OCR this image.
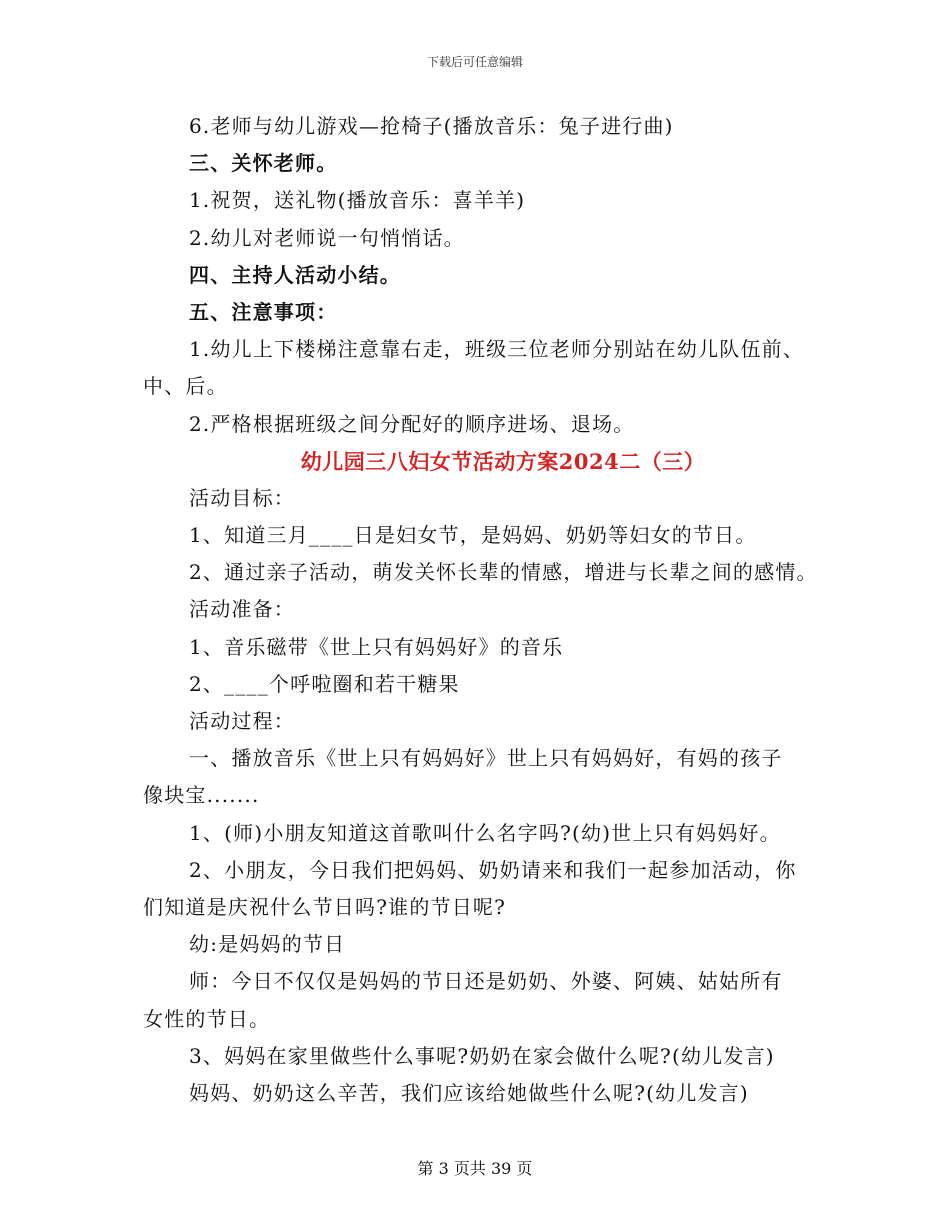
下载后可任意编辑
6.老师与幼儿游戏—抢椅子(播放音乐：兔子进行曲)
三、关怀老师。
1.祝贺，送礼物(播放音乐：喜羊羊)
2.幼儿对老师说一句悄悄话。
四、主持人活动小结。
五、注意事项：
1.幼儿上下楼梯注意靠右走，班级三位老师分别站在幼儿队伍前、
中、后。
2.严格根据班级之间分配好的顺序进场、退场。
幼儿园三八妇女节活动方案2024二（三）
活动目标：
1、知道三月____日是妇女节，是妈妈、奶奶等妇女的节日。
2、通过亲子活动，萌发关怀长辈的情感，增进与长辈之间的感情。
活动准备：
1、音乐磁带《世上只有妈妈好》的音乐
2、____个呼啦圈和若干糖果
活动过程：
一、播放音乐《世上只有妈妈好》世上只有妈妈好，有妈的孩子
像块宝.......
1、(师)小朋友知道这首歌叫什么名字吗?(幼)世上只有妈妈好。
2、小朋友，今日我们把妈妈、奶奶请来和我们一起参加活动，你
们知道是庆祝什么节日吗?谁的节日呢?
幼:是妈妈的节日
师：今日不仅仅是妈妈的节日还是奶奶、外婆、阿姨、姑姑所有
女性的节日。
3、妈妈在家里做些什么事呢?奶奶在家会做什么呢?(幼儿发言)
妈妈、奶奶这么辛苦，我们应该给她做些什么呢?(幼儿发言)
第 3 页共 39 页
